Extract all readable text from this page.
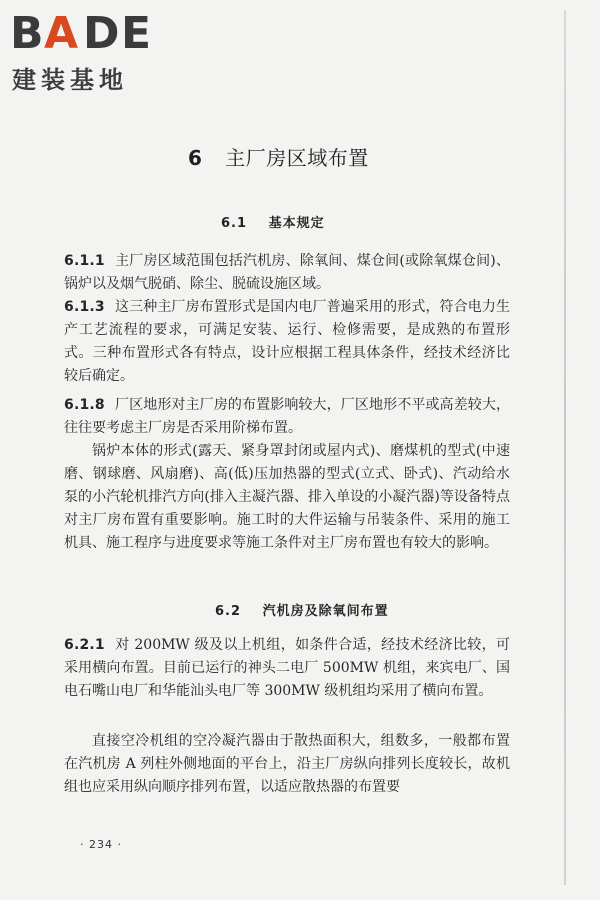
B
A D E
建装基地
6 主厂房区域布置
6.1 基本规定
6.1.1 主厂房区域范围包括汽机房、除氧间、煤仓间(或除氧煤仓间)、锅炉以及烟气脱硝、除尘、脱硫设施区域。
6.1.3 这三种主厂房布置形式是国内电厂普遍采用的形式，符合电力生产工艺流程的要求，可满足安装、运行、检修需要，是成熟的布置形式。三种布置形式各有特点，设计应根据工程具体条件，经技术经济比较后确定。
6.1.8 厂区地形对主厂房的布置影响较大，厂区地形不平或高差较大，往往要考虑主厂房是否采用阶梯布置。
锅炉本体的形式(露天、紧身罩封闭或屋内式)、磨煤机的型式(中速磨、钢球磨、风扇磨)、高(低)压加热器的型式(立式、卧式)、汽动给水泵的小汽轮机排汽方向(排入主凝汽器、排入单设的小凝汽器)等设备特点对主厂房布置有重要影响。施工时的大件运输与吊装条件、采用的施工机具、施工程序与进度要求等施工条件对主厂房布置也有较大的影响。
6.2 汽机房及除氧间布置
6.2.1 对 200MW 级及以上机组，如条件合适，经技术经济比较，可采用横向布置。目前已运行的神头二电厂 500MW 机组，来宾电厂、国电石嘴山电厂和华能汕头电厂等 300MW 级机组均采用了横向布置。
直接空冷机组的空冷凝汽器由于散热面积大，组数多，一般都布置在汽机房 A 列柱外侧地面的平台上，沿主厂房纵向排列长度较长，故机组也应采用纵向顺序排列布置，以适应散热器的布置要
· 234 ·
